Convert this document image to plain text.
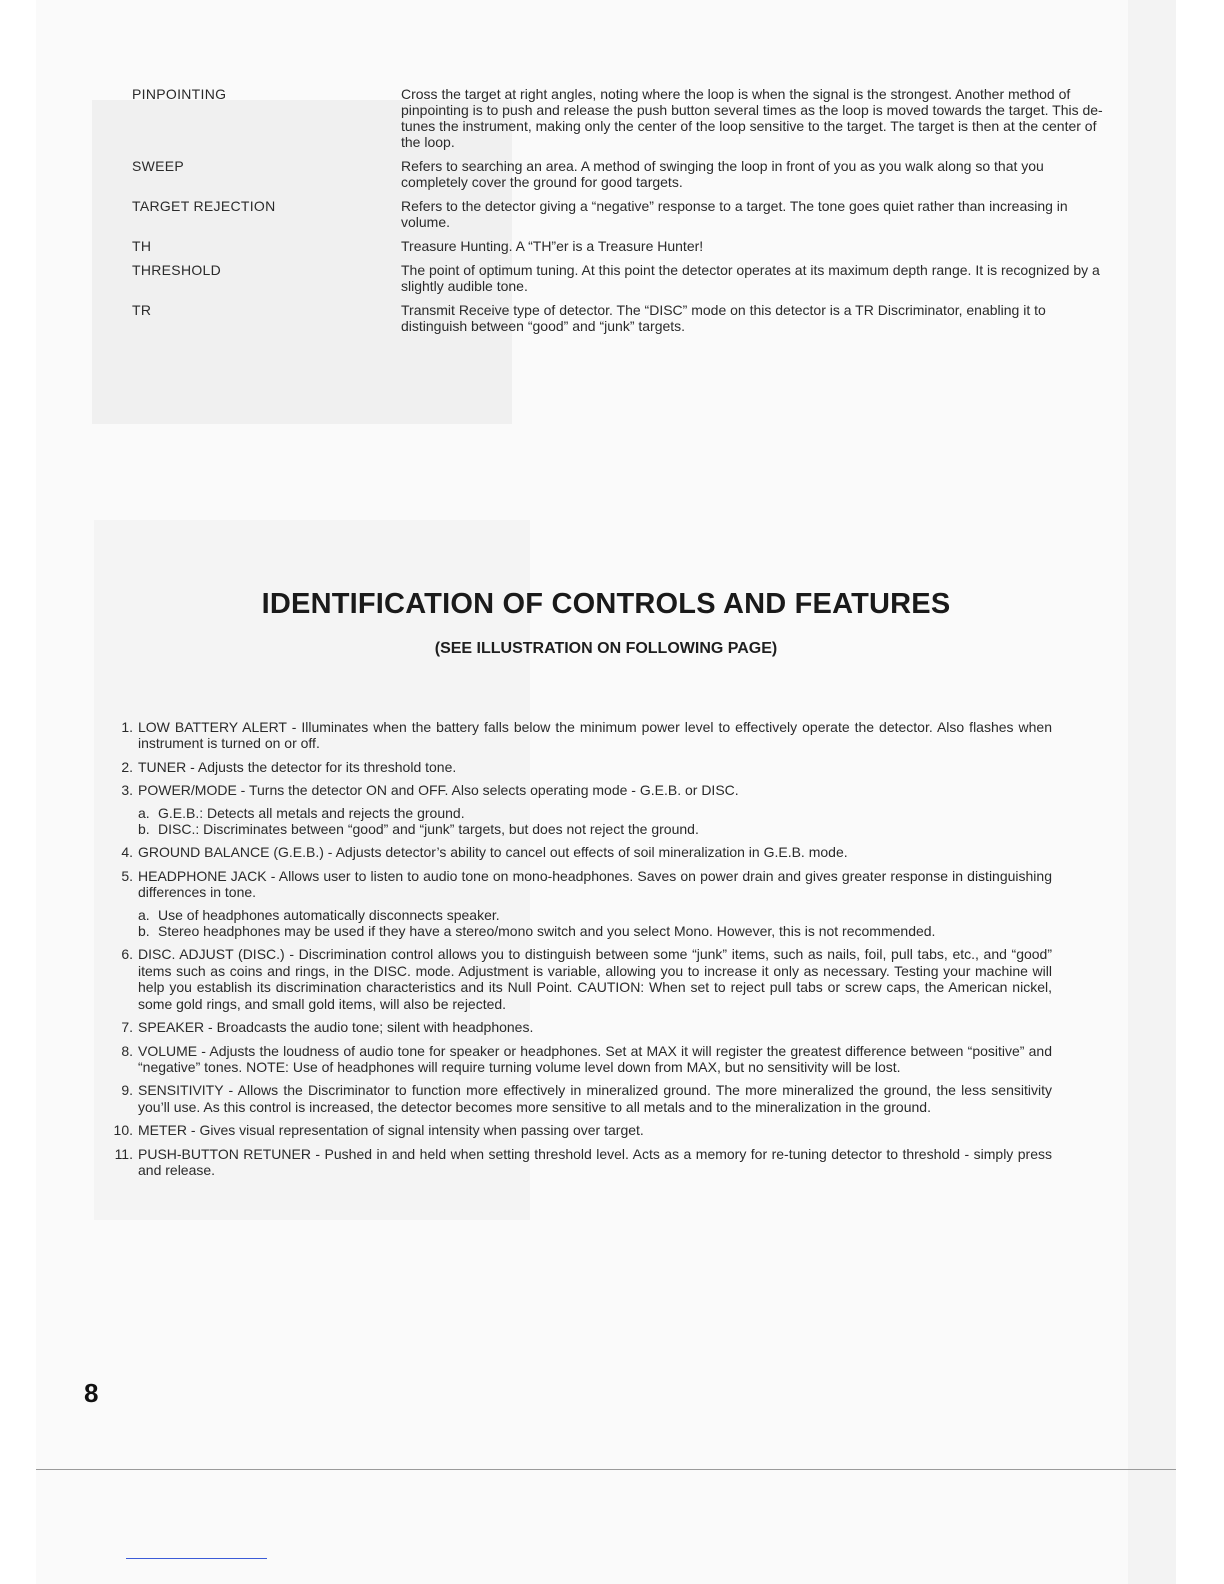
PINPOINTING	Cross the target at right angles, noting where the loop is when the signal is the strongest. Another method of pinpointing is to push and release the push button several times as the loop is moved towards the target. This de-tunes the instrument, making only the center of the loop sensitive to the target. The target is then at the center of the loop.
SWEEP	Refers to searching an area. A method of swinging the loop in front of you as you walk along so that you completely cover the ground for good targets.
TARGET REJECTION	Refers to the detector giving a “negative” response to a target. The tone goes quiet rather than increasing in volume.
TH	Treasure Hunting. A “TH”er is a Treasure Hunter!
THRESHOLD	The point of optimum tuning. At this point the detector operates at its maximum depth range. It is recognized by a slightly audible tone.
TR	Transmit Receive type of detector. The “DISC” mode on this detector is a TR Discriminator, enabling it to distinguish between “good” and “junk” targets.
IDENTIFICATION OF CONTROLS AND FEATURES
(SEE ILLUSTRATION ON FOLLOWING PAGE)
1. LOW BATTERY ALERT - Illuminates when the battery falls below the minimum power level to effectively operate the detector. Also flashes when instrument is turned on or off.
2. TUNER - Adjusts the detector for its threshold tone.
3. POWER/MODE - Turns the detector ON and OFF. Also selects operating mode - G.E.B. or DISC.
a. G.E.B.: Detects all metals and rejects the ground.
b. DISC.: Discriminates between “good” and “junk” targets, but does not reject the ground.
4. GROUND BALANCE (G.E.B.) - Adjusts detector’s ability to cancel out effects of soil mineralization in G.E.B. mode.
5. HEADPHONE JACK - Allows user to listen to audio tone on mono-headphones. Saves on power drain and gives greater response in distinguishing differences in tone.
a. Use of headphones automatically disconnects speaker.
b. Stereo headphones may be used if they have a stereo/mono switch and you select Mono. However, this is not recommended.
6. DISC. ADJUST (DISC.) - Discrimination control allows you to distinguish between some “junk” items, such as nails, foil, pull tabs, etc., and “good” items such as coins and rings, in the DISC. mode. Adjustment is variable, allowing you to increase it only as necessary. Testing your machine will help you establish its discrimination characteristics and its Null Point. CAUTION: When set to reject pull tabs or screw caps, the American nickel, some gold rings, and small gold items, will also be rejected.
7. SPEAKER - Broadcasts the audio tone; silent with headphones.
8. VOLUME - Adjusts the loudness of audio tone for speaker or headphones. Set at MAX it will register the greatest difference between “positive” and “negative” tones. NOTE: Use of headphones will require turning volume level down from MAX, but no sensitivity will be lost.
9. SENSITIVITY - Allows the Discriminator to function more effectively in mineralized ground. The more mineralized the ground, the less sensitivity you’ll use. As this control is increased, the detector becomes more sensitive to all metals and to the mineralization in the ground.
10. METER - Gives visual representation of signal intensity when passing over target.
11. PUSH-BUTTON RETUNER - Pushed in and held when setting threshold level. Acts as a memory for re-tuning detector to threshold - simply press and release.
8
